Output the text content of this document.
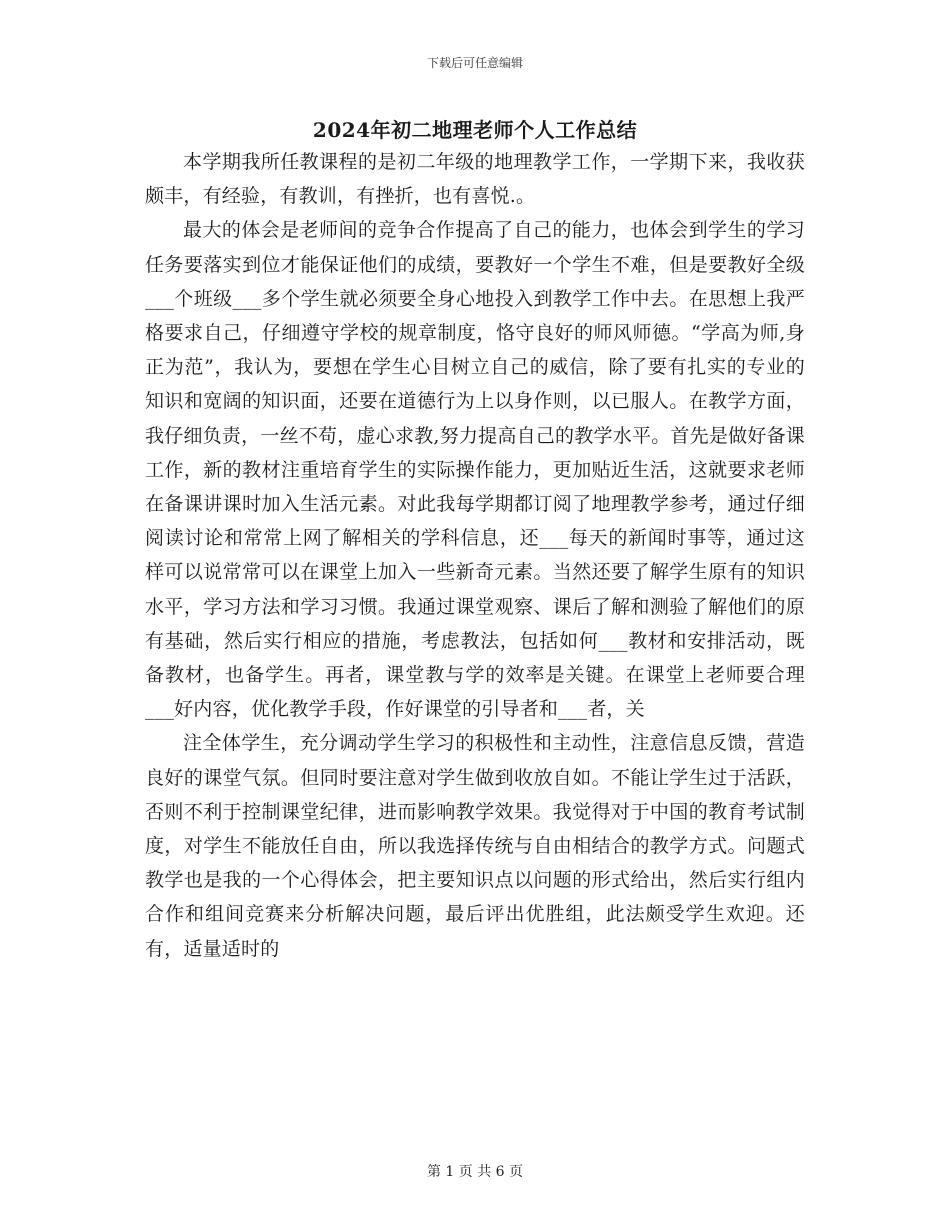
下载后可任意编辑
2024年初二地理老师个人工作总结

本学期我所任教课程的是初二年级的地理教学工作，一学期下来，我收获颇丰，有经验，有教训，有挫折，也有喜悦.。

最大的体会是老师间的竞争合作提高了自己的能力，也体会到学生的学习任务要落实到位才能保证他们的成绩，要教好一个学生不难，但是要教好全级___个班级___多个学生就必须要全身心地投入到教学工作中去。在思想上我严格要求自己，仔细遵守学校的规章制度，恪守良好的师风师德。“学高为师,身正为范”，我认为，要想在学生心目树立自己的威信，除了要有扎实的专业的知识和宽阔的知识面，还要在道德行为上以身作则，以已服人。在教学方面，我仔细负责，一丝不苟，虚心求教,努力提高自己的教学水平。首先是做好备课工作，新的教材注重培育学生的实际操作能力，更加贴近生活，这就要求老师在备课讲课时加入生活元素。对此我每学期都订阅了地理教学参考，通过仔细阅读讨论和常常上网了解相关的学科信息，还___每天的新闻时事等，通过这样可以说常常可以在课堂上加入一些新奇元素。当然还要了解学生原有的知识水平，学习方法和学习习惯。我通过课堂观察、课后了解和测验了解他们的原有基础，然后实行相应的措施，考虑教法，包括如何___教材和安排活动，既备教材，也备学生。再者，课堂教与学的效率是关键。在课堂上老师要合理___好内容，优化教学手段，作好课堂的引导者和___者，关

注全体学生，充分调动学生学习的积极性和主动性，注意信息反馈，营造良好的课堂气氛。但同时要注意对学生做到收放自如。不能让学生过于活跃，否则不利于控制课堂纪律，进而影响教学效果。我觉得对于中国的教育考试制度，对学生不能放任自由，所以我选择传统与自由相结合的教学方式。问题式教学也是我的一个心得体会，把主要知识点以问题的形式给出，然后实行组内合作和组间竞赛来分析解决问题，最后评出优胜组，此法颇受学生欢迎。还有，适量适时的

第 1 页 共 6 页
